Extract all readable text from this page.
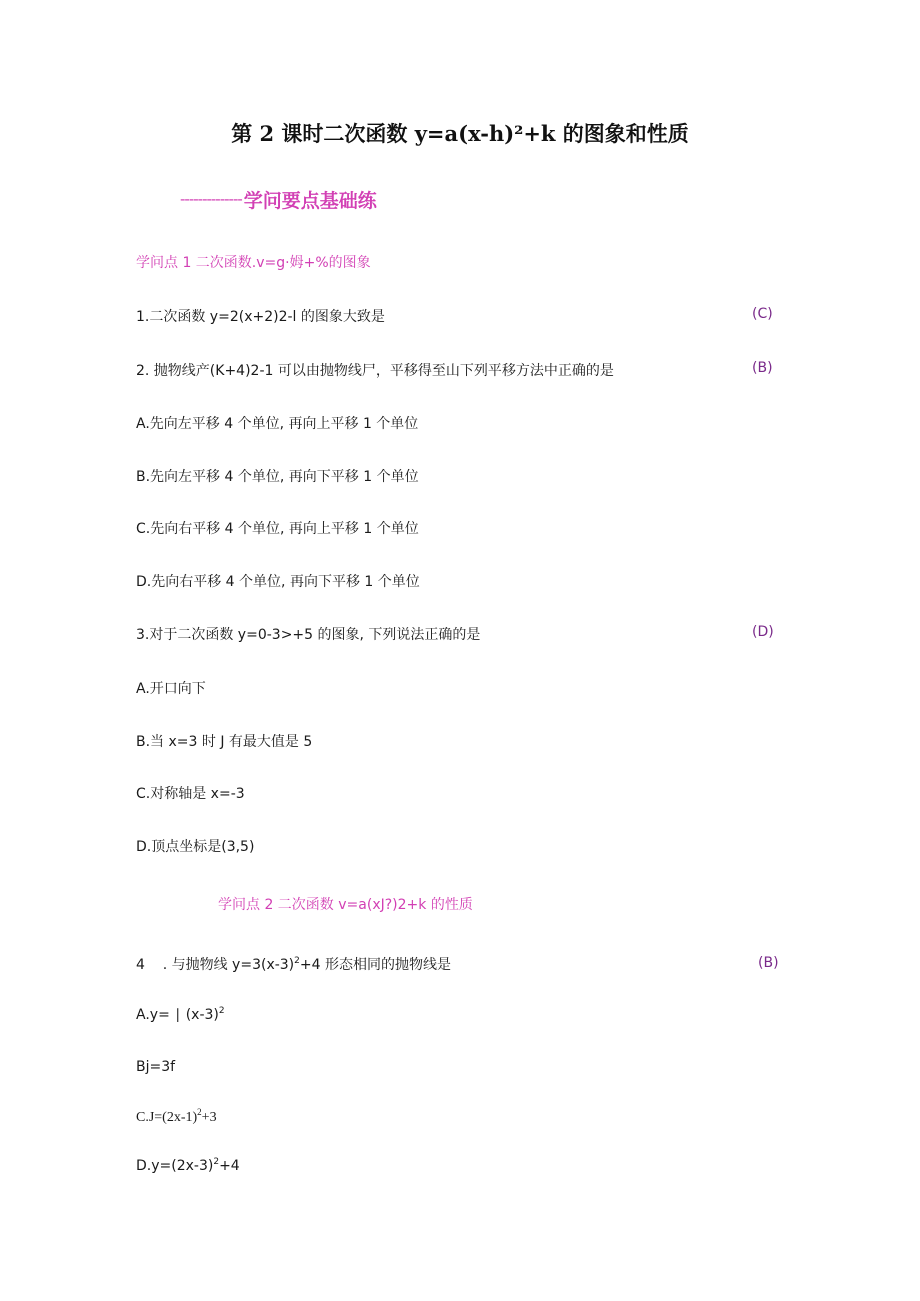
第 2 课时二次函数 y=a(x-h)²+k 的图象和性质
-------------- 学问要点基础练
学问点 1 二次函数.v=g·姆+%的图象
1.二次函数 y=2(x+2)2-l 的图象大致是	(C)
2. 抛物线产(K+4)2-1 可以由抛物线尸，平移得至山下列平移方法中正确的是	(B)
A.先向左平移 4 个单位, 再向上平移 1 个单位
B.先向左平移 4 个单位, 再向下平移 1 个单位
C.先向右平移 4 个单位, 再向上平移 1 个单位
D.先向右平移 4 个单位, 再向下平移 1 个单位
3.对于二次函数 y=0-3>+5 的图象, 下列说法正确的是	(D)
A.开口向下
B.当 x=3 时 J 有最大值是 5
C.对称轴是 x=-3
D.顶点坐标是(3,5)
学问点 2 二次函数 v=a(xJ?)2+k 的性质
4    . 与抛物线 $y=3(x-3)^2+4$ 形态相同的抛物线是	(B)
A.y= ∣ $(x-3)^2$
Bj=3f
$C.J=(2x-1)^2+3$
$D.y=(2x-3)^2+4$
